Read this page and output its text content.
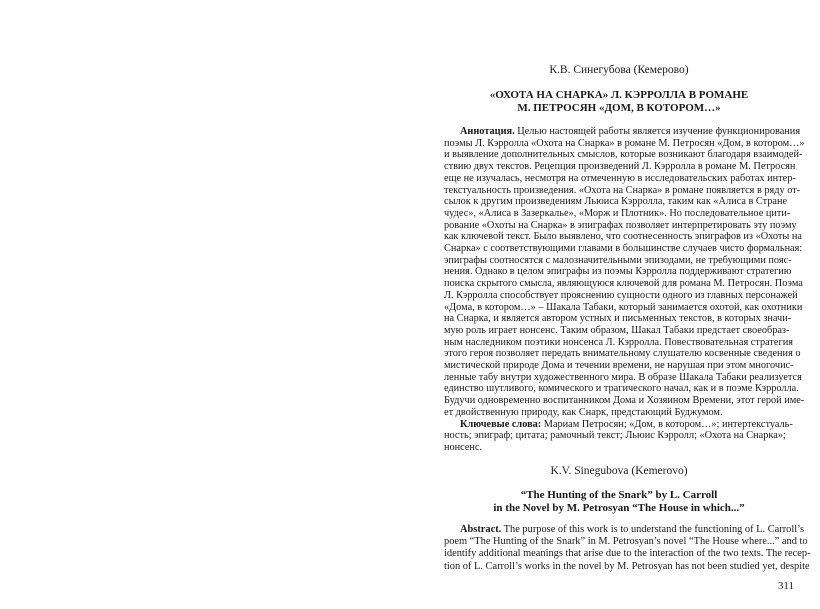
К.В. Синегубова (Кемерово)
«ОХОТА НА СНАРКА» Л. КЭРРОЛЛА В РОМАНЕ
М. ПЕТРОСЯН «ДОМ, В КОТОРОМ…»
Аннотация. Целью настоящей работы является изучение функционирования
поэмы Л. Кэрролла «Охота на Снарка» в романе М. Петросян «Дом, в котором…»
и выявление дополнительных смыслов, которые возникают благодаря взаимодей-
ствию двух текстов. Рецепция произведений Л. Кэрролла в романе М. Петросян
еще не изучалась, несмотря на отмеченную в исследовательских работах интер-
текстуальность произведения. «Охота на Снарка» в романе появляется в ряду от-
сылок к другим произведениям Льюиса Кэрролла, таким как «Алиса в Стране
чудес», «Алиса в Зазеркалье», «Морж и Плотник». Но последовательное цити-
рование «Охоты на Снарка» в эпиграфах позволяет интерпретировать эту поэму
как ключевой текст. Было выявлено, что соотнесенность эпиграфов из «Охоты на
Снарка» с соответствующими главами в большинстве случаев чисто формальная:
эпиграфы соотносятся с малозначительными эпизодами, не требующими пояс-
нения. Однако в целом эпиграфы из поэмы Кэрролла поддерживают стратегию
поиска скрытого смысла, являющуюся ключевой для романа М. Петросян. Поэма
Л. Кэрролла способствует прояснению сущности одного из главных персонажей
«Дома, в котором…» – Шакала Табаки, который занимается охотой, как охотники
на Снарка, и является автором устных и письменных текстов, в которых значи-
мую роль играет нонсенс. Таким образом, Шакал Табаки предстает своеобраз-
ным наследником поэтики нонсенса Л. Кэрролла. Повествовательная стратегия
этого героя позволяет передать внимательному слушателю косвенные сведения о
мистической природе Дома и течении времени, не нарушая при этом многочис-
ленные табу внутри художественного мира. В образе Шакала Табаки реализуется
единство шутливого, комического и трагического начал, как и в поэме Кэрролла.
Будучи одновременно воспитанником Дома и Хозяином Времени, этот герой име-
ет двойственную природу, как Снарк, предстающий Буджумом.
Ключевые слова: Мариам Петросян; «Дом, в котором…»; интертекстуаль-
ность; эпиграф; цитата; рамочный текст; Льюис Кэрролл; «Охота на Снарка»;
нонсенс.
K.V. Sinegubova (Kemerovo)
“The Hunting of the Snark” by L. Carroll
in the Novel by M. Petrosyan “The House in which...”
Abstract. The purpose of this work is to understand the functioning of L. Carroll’s
poem “The Hunting of the Snark” in M. Petrosyan’s novel “The House where...” and to
identify additional meanings that arise due to the interaction of the two texts. The recep-
tion of L. Carroll’s works in the novel by M. Petrosyan has not been studied yet, despite
311
